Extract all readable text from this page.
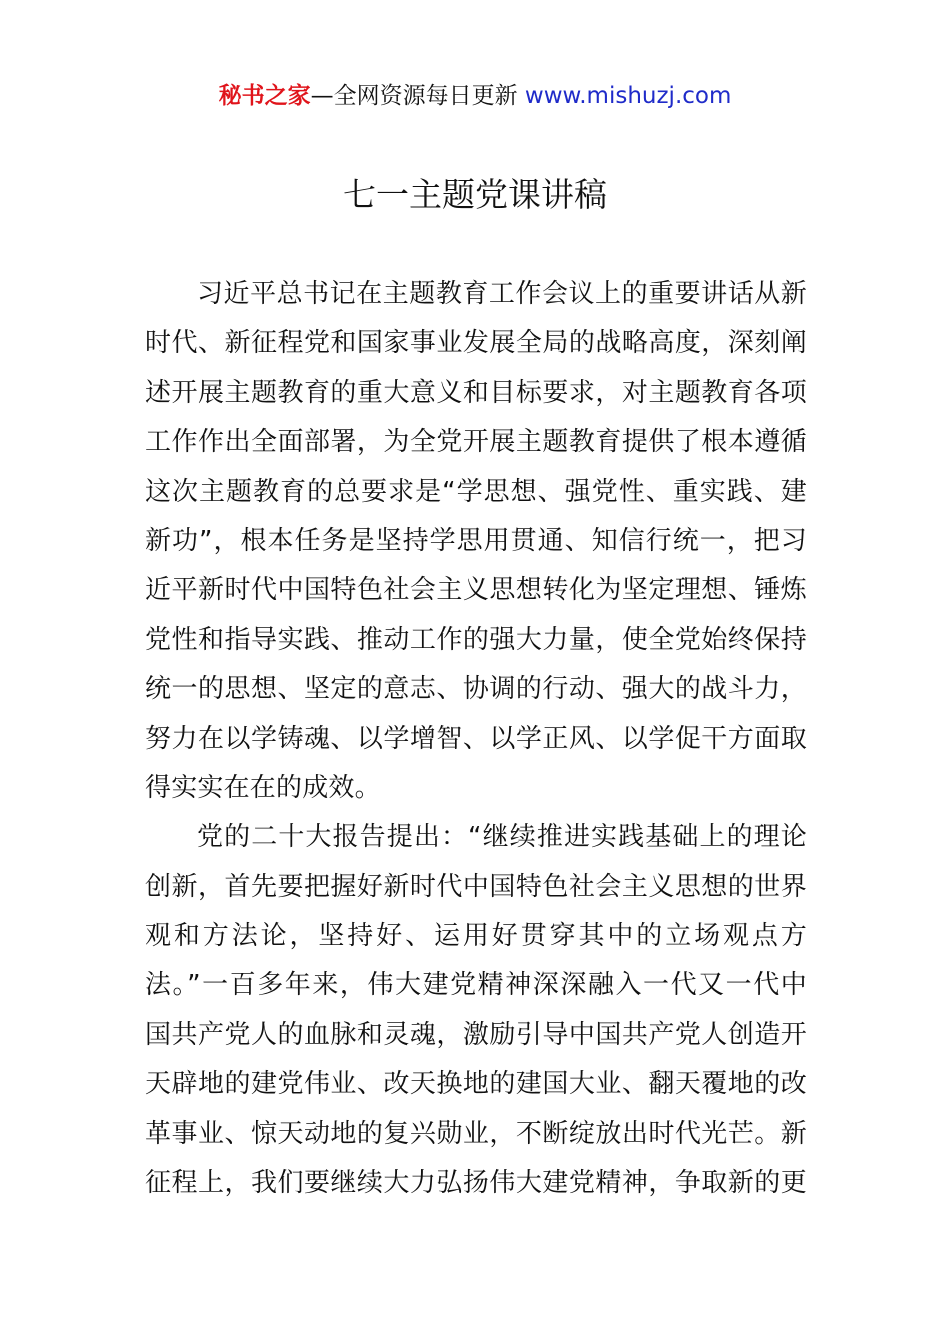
秘书之家—全网资源每日更新 www.mishuzj.com
七一主题党课讲稿
习近平总书记在主题教育工作会议上的重要讲话从新
时代、新征程党和国家事业发展全局的战略高度，深刻阐
述开展主题教育的重大意义和目标要求，对主题教育各项
工作作出全面部署，为全党开展主题教育提供了根本遵循
这次主题教育的总要求是“学思想、强党性、重实践、建
新功”，根本任务是坚持学思用贯通、知信行统一，把习
近平新时代中国特色社会主义思想转化为坚定理想、锤炼
党性和指导实践、推动工作的强大力量，使全党始终保持
统一的思想、坚定的意志、协调的行动、强大的战斗力，
努力在以学铸魂、以学增智、以学正风、以学促干方面取
得实实在在的成效。
党的二十大报告提出：“继续推进实践基础上的理论
创新，首先要把握好新时代中国特色社会主义思想的世界
观和方法论，坚持好、运用好贯穿其中的立场观点方
法。”一百多年来，伟大建党精神深深融入一代又一代中
国共产党人的血脉和灵魂，激励引导中国共产党人创造开
天辟地的建党伟业、改天换地的建国大业、翻天覆地的改
革事业、惊天动地的复兴勋业，不断绽放出时代光芒。新
征程上，我们要继续大力弘扬伟大建党精神，争取新的更
